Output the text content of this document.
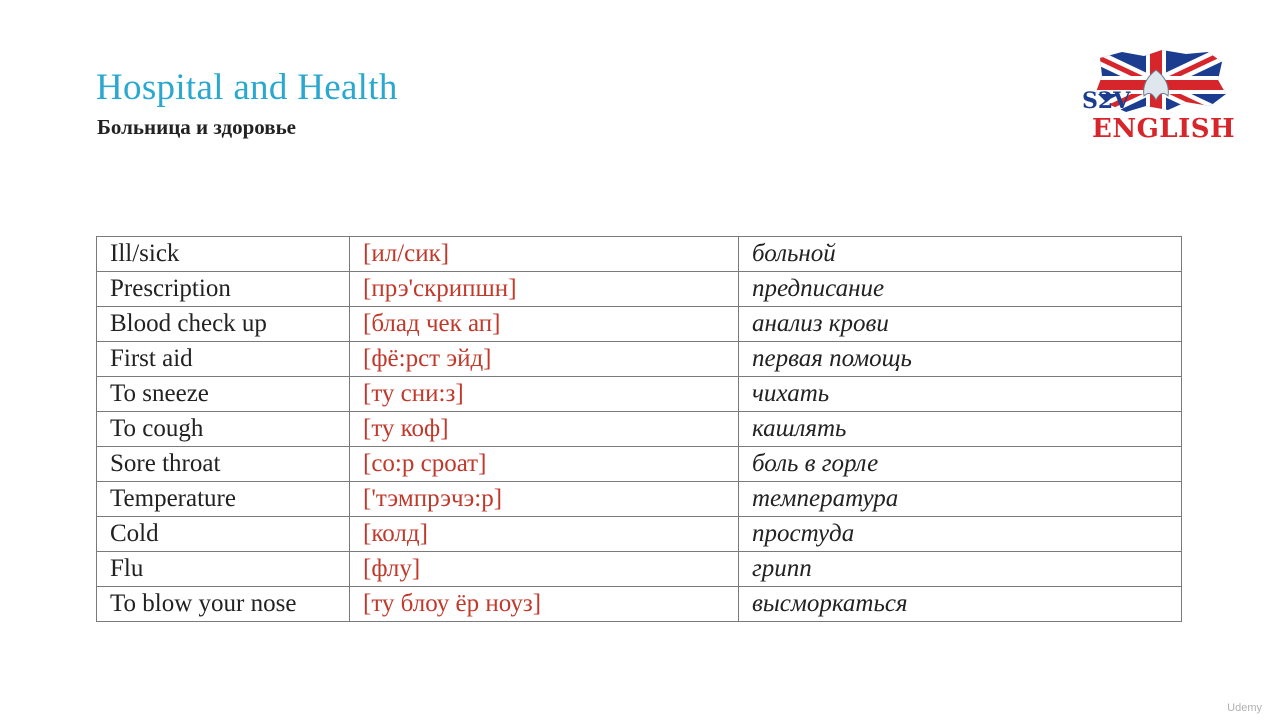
Hospital and Health
Больница и здоровье
S2V
ENGLISH
Ill/sick	[ил/сик]	больной
Prescription	[прэ'скрипшн]	предписание
Blood check up	[блад чек ап]	анализ крови
First aid	[фё:рст эйд]	первая помощь
To sneeze	[ту сни:з]	чихать
To cough	[ту коф]	кашлять
Sore throat	[со:р сроат]	боль в горле
Temperature	['тэмпрэчэ:р]	температура
Cold	[колд]	простуда
Flu	[флу]	грипп
To blow your nose	[ту блоу ёр ноуз]	высморкаться
Udemy
